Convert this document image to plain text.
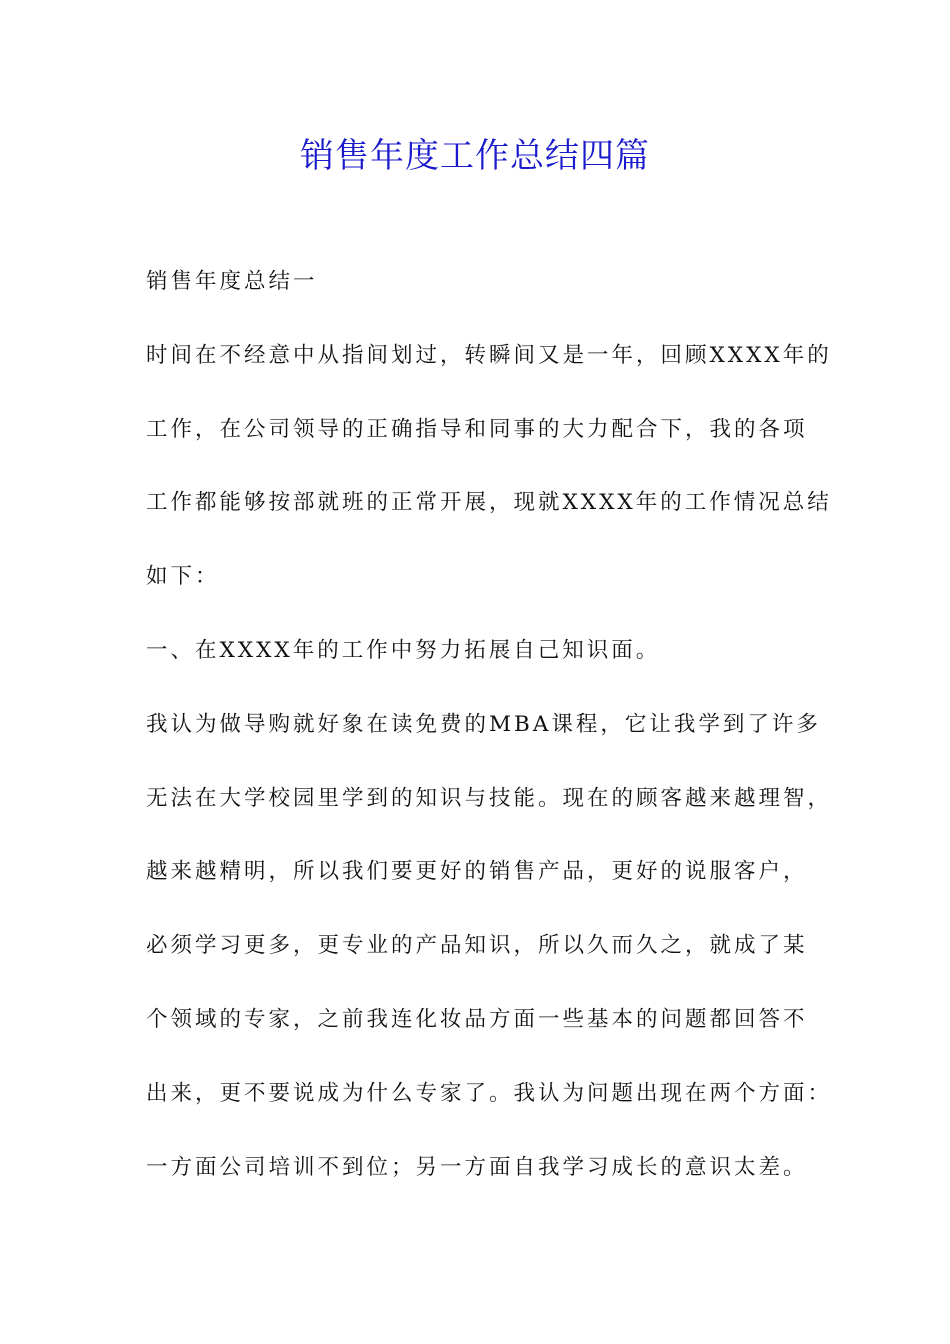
销售年度工作总结四篇

销售年度总结一

时间在不经意中从指间划过，转瞬间又是一年，回顾XXXX年的

工作，在公司领导的正确指导和同事的大力配合下，我的各项

工作都能够按部就班的正常开展，现就XXXX年的工作情况总结

如下：

一、在XXXX年的工作中努力拓展自己知识面。

我认为做导购就好象在读免费的MBA课程，它让我学到了许多

无法在大学校园里学到的知识与技能。现在的顾客越来越理智，

越来越精明，所以我们要更好的销售产品，更好的说服客户，

必须学习更多，更专业的产品知识，所以久而久之，就成了某

个领域的专家，之前我连化妆品方面一些基本的问题都回答不

出来，更不要说成为什么专家了。我认为问题出现在两个方面：

一方面公司培训不到位；另一方面自我学习成长的意识太差。
